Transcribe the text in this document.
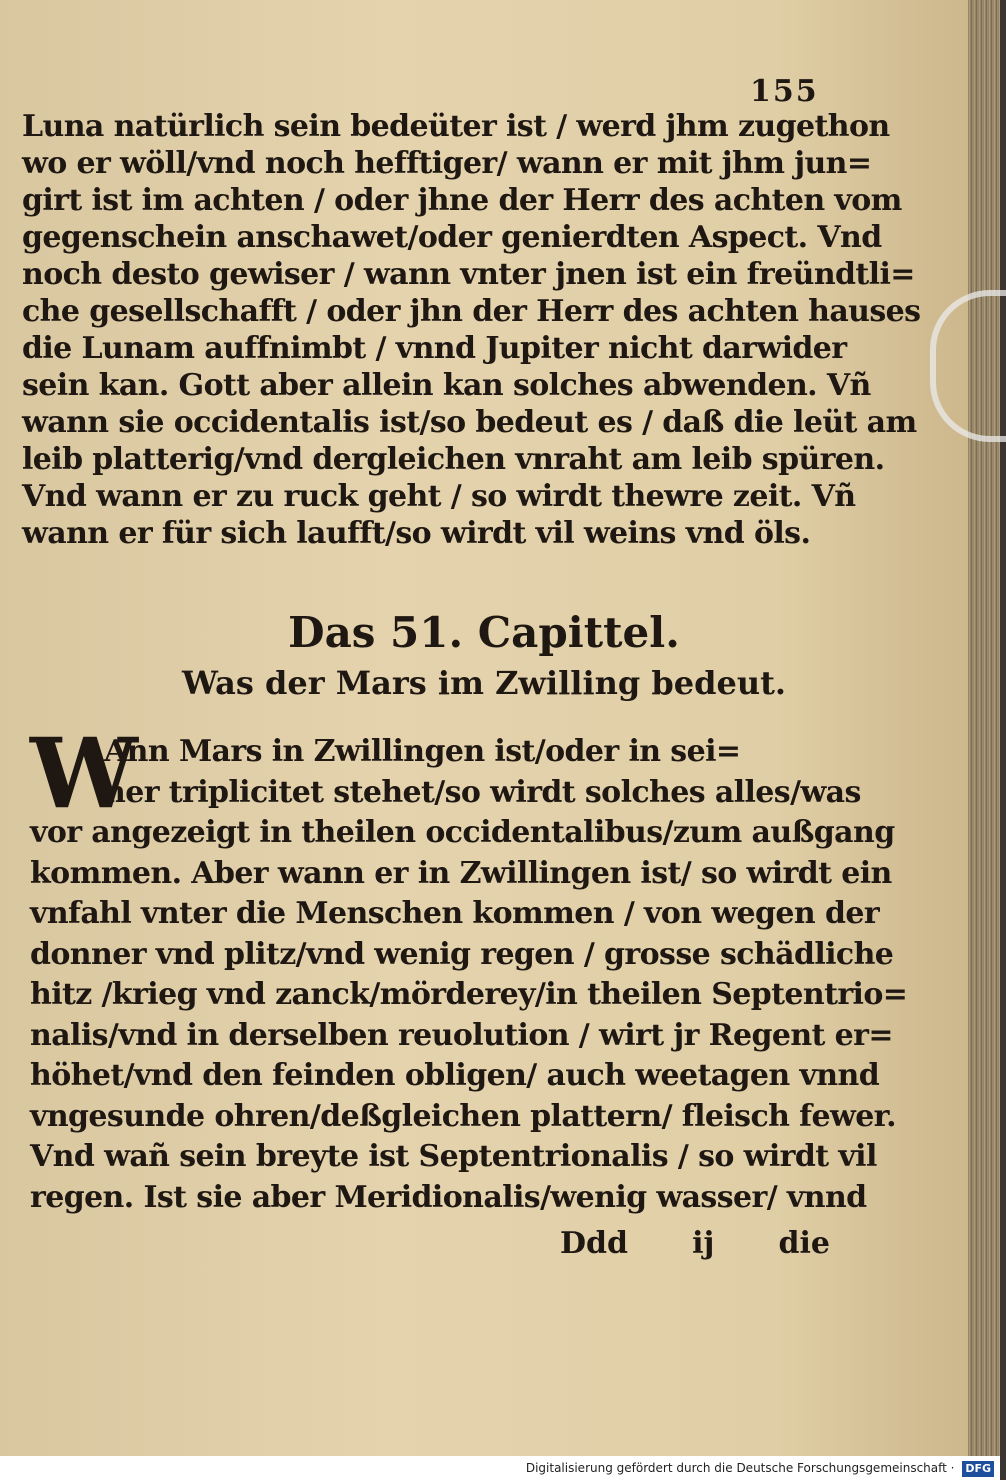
155
Luna natürlich sein bedeüter ist / werd jhm zugethon
wo er wöll/vnd noch hefftiger/ wann er mit jhm jun=
girt ist im achten / oder jhne der Herr des achten vom
gegenschein anschawet/oder genierdten Aspect. Vnd
noch desto gewiser / wann vnter jnen ist ein freündtli=
che gesellschafft / oder jhn der Herr des achten hauses
die Lunam auffnimbt / vnnd Jupiter nicht darwider
sein kan. Gott aber allein kan solches abwenden. Vñ
wann sie occidentalis ist/so bedeut es / daß die leüt am
leib platterig/vnd dergleichen vnraht am leib spüren.
Vnd wann er zu ruck geht / so wirdt thewre zeit. Vñ
wann er für sich laufft/so wirdt vil weins vnd öls.
Das 51. Capittel.
Was der Mars im Zwilling bedeut.
W
Ann Mars in Zwillingen ist/oder in sei=
ner triplicitet stehet/so wirdt solches alles/was
vor angezeigt in theilen occidentalibus/zum außgang
kommen. Aber wann er in Zwillingen ist/ so wirdt ein
vnfahl vnter die Menschen kommen / von wegen der
donner vnd plitz/vnd wenig regen / grosse schädliche
hitz /krieg vnd zanck/mörderey/in theilen Septentrio=
nalis/vnd in derselben reuolution / wirt jr Regent er=
höhet/vnd den feinden obligen/ auch weetagen vnnd
vngesunde ohren/deßgleichen plattern/ fleisch fewer.
Vnd wañ sein breyte ist Septentrionalis / so wirdt vil
regen. Ist sie aber Meridionalis/wenig wasser/ vnnd
Ddd ij die
Digitalisierung gefördert durch die Deutsche Forschungsgemeinschaft · DFG
